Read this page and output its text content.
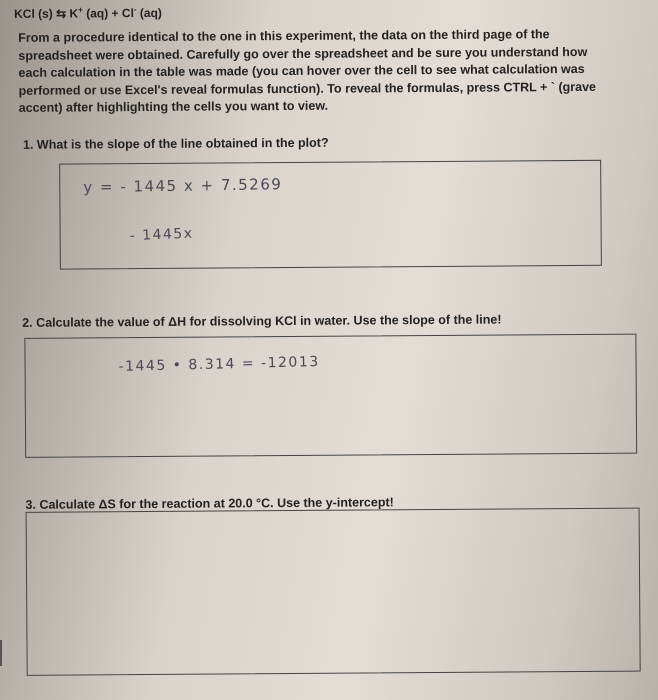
KCl (s) ⇆ K+ (aq) + Cl- (aq)

From a procedure identical to the one in this experiment, the data on the third page of the spreadsheet were obtained. Carefully go over the spreadsheet and be sure you understand how each calculation in the table was made (you can hover over the cell to see what calculation was performed or use Excel's reveal formulas function). To reveal the formulas, press CTRL + ` (grave accent) after highlighting the cells you want to view.

1. What is the slope of the line obtained in the plot?
y = - 1445 x + 7.5269
- 1445x
2. Calculate the value of ΔH for dissolving KCl in water. Use the slope of the line!
-1445 • 8.314 = -12013
3. Calculate ΔS for the reaction at 20.0 °C. Use the y-intercept!
